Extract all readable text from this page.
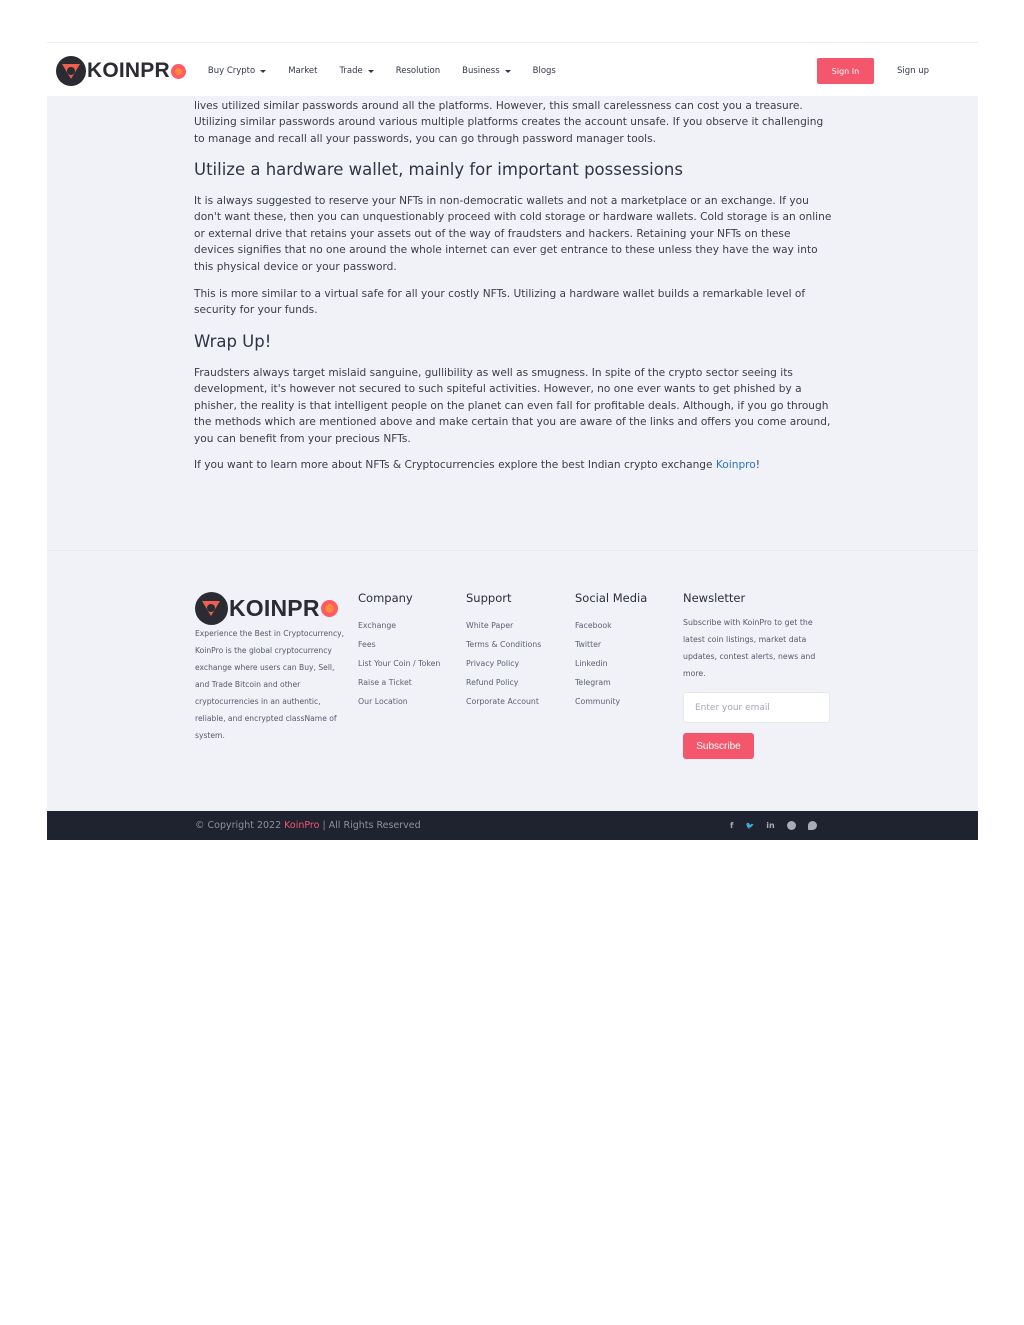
KOINPR	Buy Crypto	Market	Trade	Resolution	Business	Blogs	Sign In	Sign up

lives utilized similar passwords around all the platforms. However, this small carelessness can cost you a treasure. Utilizing similar passwords around various multiple platforms creates the account unsafe. If you observe it challenging to manage and recall all your passwords, you can go through password manager tools.

Utilize a hardware wallet, mainly for important possessions

It is always suggested to reserve your NFTs in non-democratic wallets and not a marketplace or an exchange. If you don't want these, then you can unquestionably proceed with cold storage or hardware wallets. Cold storage is an online or external drive that retains your assets out of the way of fraudsters and hackers. Retaining your NFTs on these devices signifies that no one around the whole internet can ever get entrance to these unless they have the way into this physical device or your password.

This is more similar to a virtual safe for all your costly NFTs. Utilizing a hardware wallet builds a remarkable level of security for your funds.

Wrap Up!

Fraudsters always target mislaid sanguine, gullibility as well as smugness. In spite of the crypto sector seeing its development, it's however not secured to such spiteful activities. However, no one ever wants to get phished by a phisher, the reality is that intelligent people on the planet can even fall for profitable deals. Although, if you go through the methods which are mentioned above and make certain that you are aware of the links and offers you come around, you can benefit from your precious NFTs.

If you want to learn more about NFTs & Cryptocurrencies explore the best Indian crypto exchange Koinpro!

KOINPR

Experience the Best in Cryptocurrency, KoinPro is the global cryptocurrency exchange where users can Buy, Sell, and Trade Bitcoin and other cryptocurrencies in an authentic, reliable, and encrypted className of system.

Company
Exchange
Fees
List Your Coin / Token
Raise a Ticket
Our Location
Support
White Paper
Terms & Conditions
Privacy Policy
Refund Policy
Corporate Account
Social Media
Facebook
Twitter
Linkedin
Telegram
Community
Newsletter

Subscribe with KoinPro to get the latest coin listings, market data updates, contest alerts, news and more.

Enter your email
Subscribe
© Copyright 2022 KoinPro | All Rights Reserved	f 🐦 in
